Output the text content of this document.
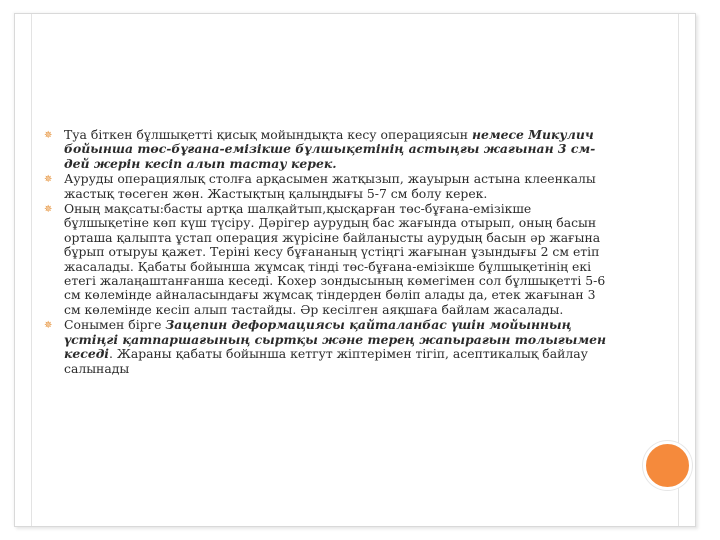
✵ Туа біткен бұлшықетті қисық мойындықта кесу операциясын немесе Микулич бойынша төс-бұғана-емізікше бұлшықетінің астыңғы жағынан 3 см-дей жерін кесіп алып тастау керек.
✵ Ауруды операциялық столға арқасымен жатқызып, жауырын астына клеенкалы жастық төсеген жөн. Жастықтың қалыңдығы 5-7 см болу керек.
✵ Оның мақсаты:басты артқа шалқайтып,қысқарған төс-бұғана-емізікше бұлшықетіне көп күш түсіру. Дәрігер аурудың бас жағында отырып, оның басын орташа қалыпта ұстап операция жүрісіне байланысты аурудың басын әр жағына бұрып отыруы қажет. Терiнi кесу бұғананың үстiңгi жағынан ұзындығы 2 см етiп жасалады. Қабаты бойынша жұмсақ тiндi төс-бұғана-емiзiкше бұлшықетiнiң екi етегi жалаңаштанғанша кеседi. Кохер зондысының көмегiмен сол бұлшықеттi 5-6 см көлемiнде айналасындағы жұмсақ тiндерден бөлiп алады да, етек жағынан 3 см көлемiнде кесiп алып тастайды. Әр кесiлген аяқшаға байлам жасалады.
✵ Сонымен бiрге Зацепин деформациясы қайталанбас үшiн мойынның үстiңгi қатпаршағының сыртқы және терең жапырағын толығымен кеседi. Жараны қабаты бойынша кетгут жiптерiмен тiгiп, асептикалық байлау салынады
